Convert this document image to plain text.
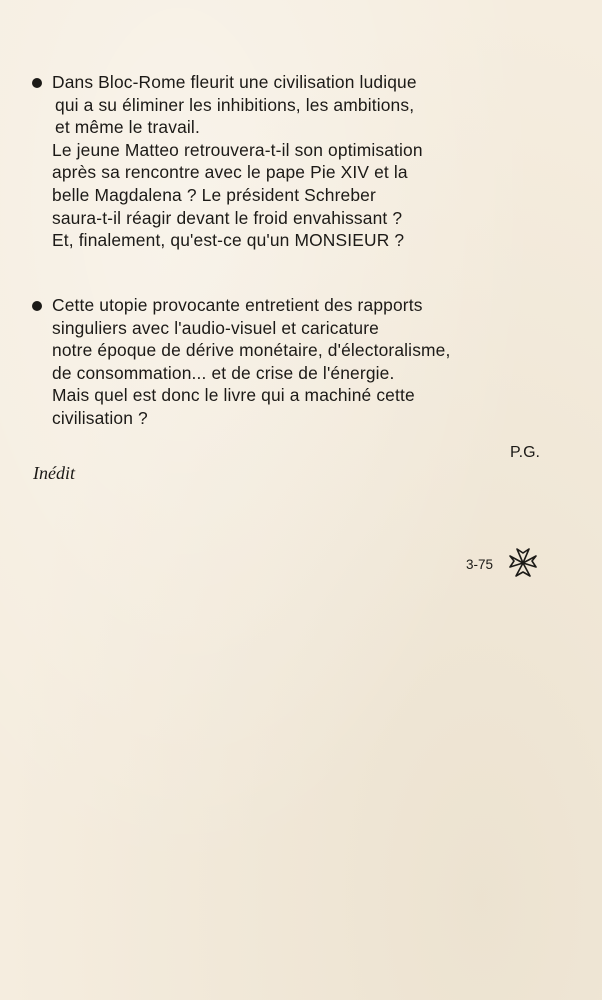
Dans Bloc-Rome fleurit une civilisation ludique
qui a su éliminer les inhibitions, les ambitions,
et même le travail.
Le jeune Matteo retrouvera-t-il son optimisation
après sa rencontre avec le pape Pie XIV et la
belle Magdalena ? Le président Schreber
saura-t-il réagir devant le froid envahissant ?
Et, finalement, qu'est-ce qu'un MONSIEUR ?
Cette utopie provocante entretient des rapports
singuliers avec l'audio-visuel et caricature
notre époque de dérive monétaire, d'électoralisme,
de consommation... et de crise de l'énergie.
Mais quel est donc le livre qui a machiné cette
civilisation ?
P.G.
Inédit
3-75
